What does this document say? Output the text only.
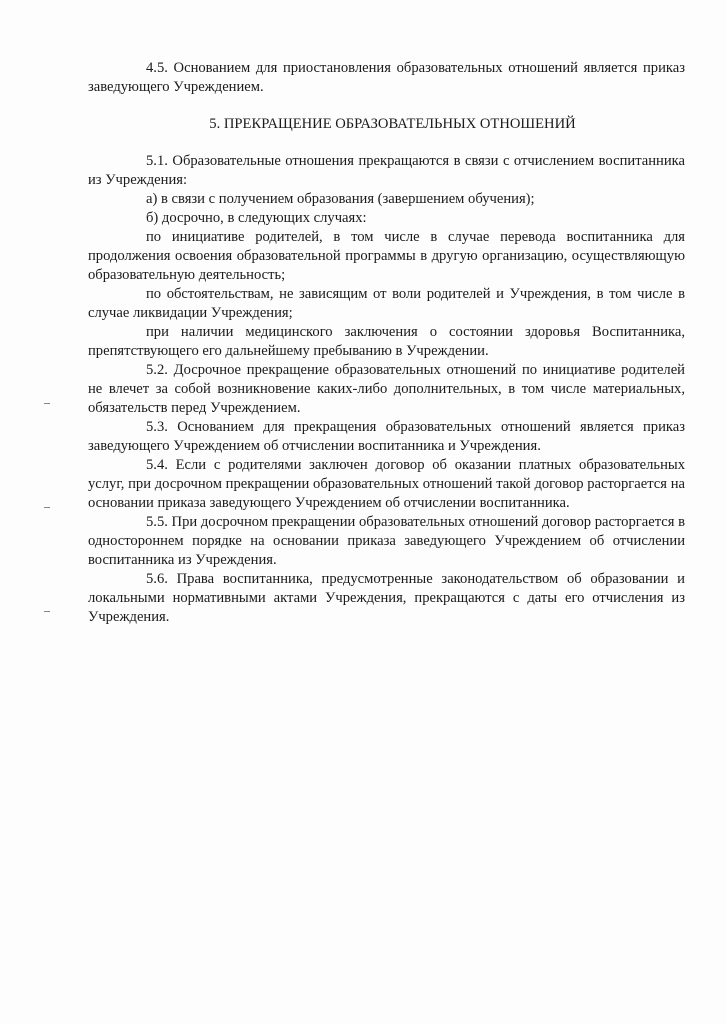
4.5. Основанием для приостановления образовательных отношений является приказ заведующего Учреждением.

5. ПРЕКРАЩЕНИЕ ОБРАЗОВАТЕЛЬНЫХ ОТНОШЕНИЙ

5.1. Образовательные отношения прекращаются в связи с отчислением воспитанника из Учреждения:

а) в связи с получением образования (завершением обучения);

б) досрочно, в следующих случаях:

по инициативе родителей, в том числе в случае перевода воспитанника для продолжения освоения образовательной программы в другую организацию, осуществляющую образовательную деятельность;

по обстоятельствам, не зависящим от воли родителей и Учреждения, в том числе в случае ликвидации Учреждения;

при наличии медицинского заключения о состоянии здоровья Воспитанника, препятствующего его дальнейшему пребыванию в Учреждении.

5.2. Досрочное прекращение образовательных отношений по инициативе родителей не влечет за собой возникновение каких-либо дополнительных, в том числе материальных, обязательств перед Учреждением.

5.3. Основанием для прекращения образовательных отношений является приказ заведующего Учреждением об отчислении воспитанника и Учреждения.

5.4. Если с родителями заключен договор об оказании платных образовательных услуг, при досрочном прекращении образовательных отношений такой договор расторгается на основании приказа заведующего Учреждением об отчислении воспитанника.

5.5. При досрочном прекращении образовательных отношений договор расторгается в одностороннем порядке на основании приказа заведующего Учреждением об отчислении воспитанника из Учреждения.

5.6. Права воспитанника, предусмотренные законодательством об образовании и локальными нормативными актами Учреждения, прекращаются с даты его отчисления из Учреждения.
